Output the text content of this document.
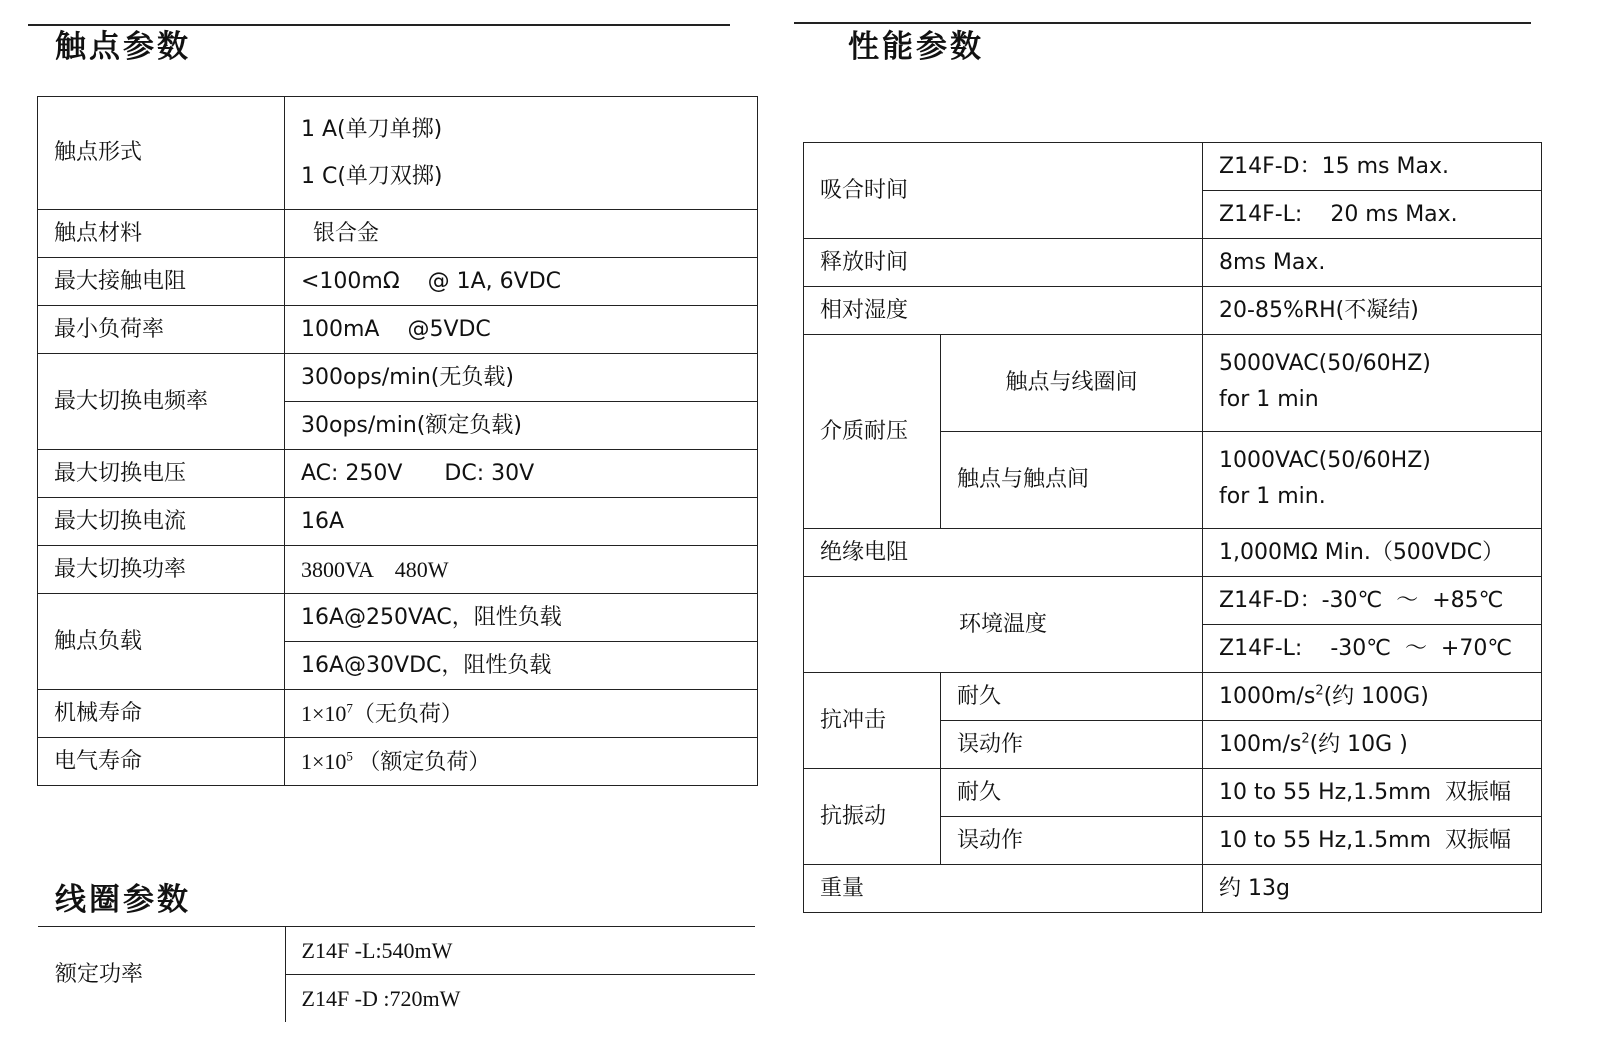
触点参数
触点形式	1 A(单刀单掷)
1 C(单刀双掷)

触点材料	银合金
最大接触电阻	<100mΩ    @ 1A, 6VDC
最小负荷率	100mA    @5VDC
最大切换电频率	300ops/min(无负载)
	30ops/min(额定负载)
最大切换电压	AC: 250V      DC: 30V
最大切换电流	16A
最大切换功率	3800VA    480W
触点负载	16A@250VAC，阻性负载
	16A@30VDC，阻性负载
机械寿命	$1\times 10^7$（无负荷）
电气寿命	$1\times 10^5$ （额定负荷）
线圈参数
额定功率	Z14F -L:540mW
Z14F -D :720mW
性能参数
吸合时间		Z14F-D：15 ms Max.
		Z14F-L:    20 ms Max.
释放时间		8ms Max.
相对湿度		20-85%RH(不凝结)
介质耐压	触点与线圈间	5000VAC(50/60HZ)
for 1 min

	触点与触点间	1000VAC(50/60HZ)
for 1 min.

绝缘电阻		1,000MΩ Min.（500VDC）
环境温度		Z14F-D：-30℃  ～  +85℃
		Z14F-L:    -30℃  ～  +70℃
抗冲击	耐久	$1000m/s^2$(约 100G)
	误动作	$100m/s^2$(约 10G )
抗振动	耐久	10 to 55 Hz,1.5mm  双振幅
	误动作	10 to 55 Hz,1.5mm  双振幅
重量		约 13g
